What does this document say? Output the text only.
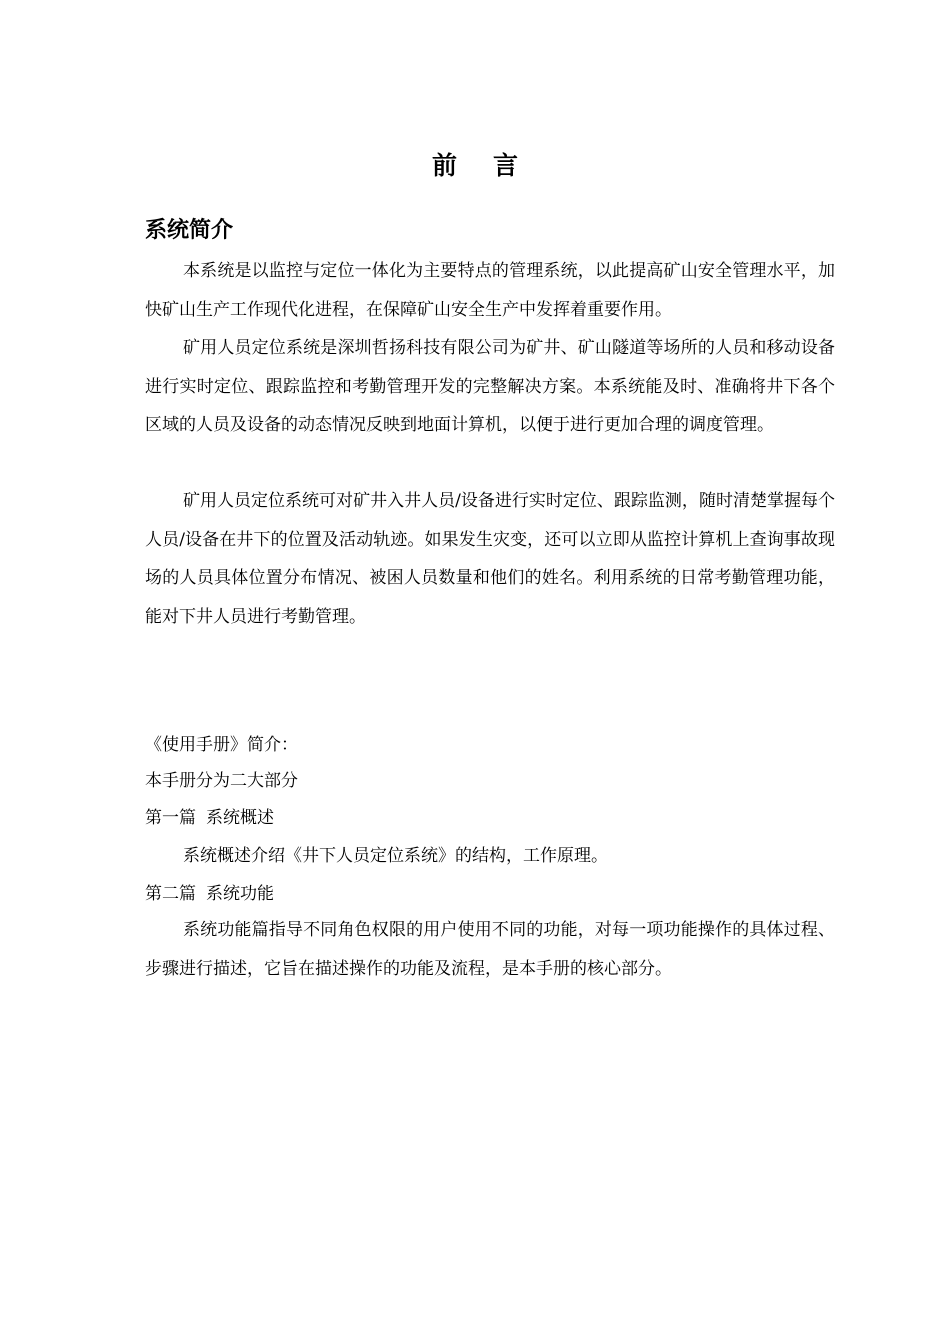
前 言
系统简介

本系统是以监控与定位一体化为主要特点的管理系统，以此提高矿山安全管理水平，加快矿山生产工作现代化进程，在保障矿山安全生产中发挥着重要作用。

矿用人员定位系统是深圳哲扬科技有限公司为矿井、矿山隧道等场所的人员和移动设备进行实时定位、跟踪监控和考勤管理开发的完整解决方案。本系统能及时、准确将井下各个区域的人员及设备的动态情况反映到地面计算机，以便于进行更加合理的调度管理。

矿用人员定位系统可对矿井入井人员/设备进行实时定位、跟踪监测，随时清楚掌握每个人员/设备在井下的位置及活动轨迹。如果发生灾变，还可以立即从监控计算机上查询事故现场的人员具体位置分布情况、被困人员数量和他们的姓名。利用系统的日常考勤管理功能，能对下井人员进行考勤管理。

《使用手册》简介：

本手册分为二大部分

第一篇 系统概述

系统概述介绍《井下人员定位系统》的结构，工作原理。

第二篇 系统功能

系统功能篇指导不同角色权限的用户使用不同的功能，对每一项功能操作的具体过程、步骤进行描述，它旨在描述操作的功能及流程，是本手册的核心部分。
